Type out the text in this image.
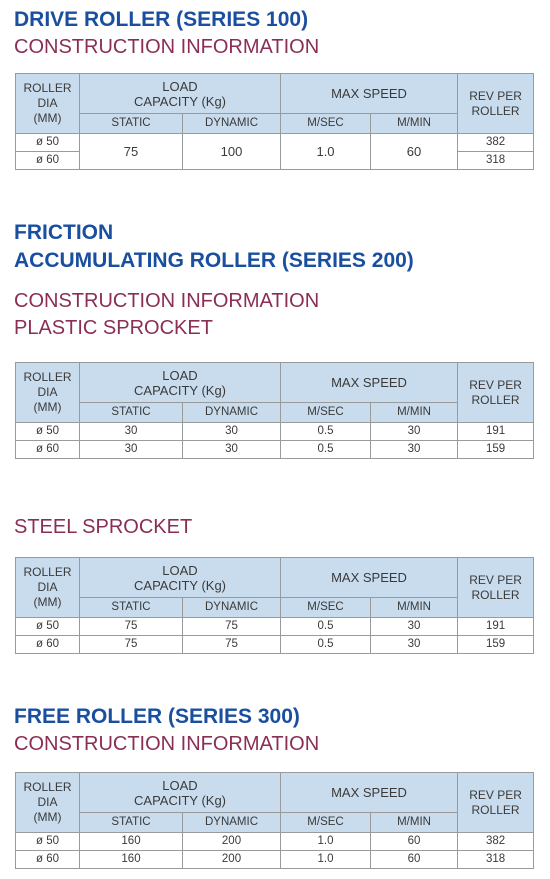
DRIVE ROLLER (SERIES 100)
CONSTRUCTION INFORMATION
ROLLER DIA
(MM)	LOAD
CAPACITY (Kg)		MAX SPEED		REV PER
ROLLER
	STATIC	DYNAMIC	M/SEC	M/MIN	
ø 50	75	100	1.0	60	382
ø 60					318
FRICTION
ACCUMULATING ROLLER (SERIES 200)
CONSTRUCTION INFORMATION
PLASTIC SPROCKET
ROLLER DIA
(MM)	LOAD
CAPACITY (Kg)		MAX SPEED		REV PER
ROLLER
	STATIC	DYNAMIC	M/SEC	M/MIN	
ø 50	30	30	0.5	30	191
ø 60	30	30	0.5	30	159
STEEL SPROCKET
ROLLER DIA
(MM)	LOAD
CAPACITY (Kg)		MAX SPEED		REV PER
ROLLER
	STATIC	DYNAMIC	M/SEC	M/MIN	
ø 50	75	75	0.5	30	191
ø 60	75	75	0.5	30	159
FREE ROLLER (SERIES 300)
CONSTRUCTION INFORMATION
ROLLER DIA
(MM)	LOAD
CAPACITY (Kg)		MAX SPEED		REV PER
ROLLER
	STATIC	DYNAMIC	M/SEC	M/MIN	
ø 50	160	200	1.0	60	382
ø 60	160	200	1.0	60	318
